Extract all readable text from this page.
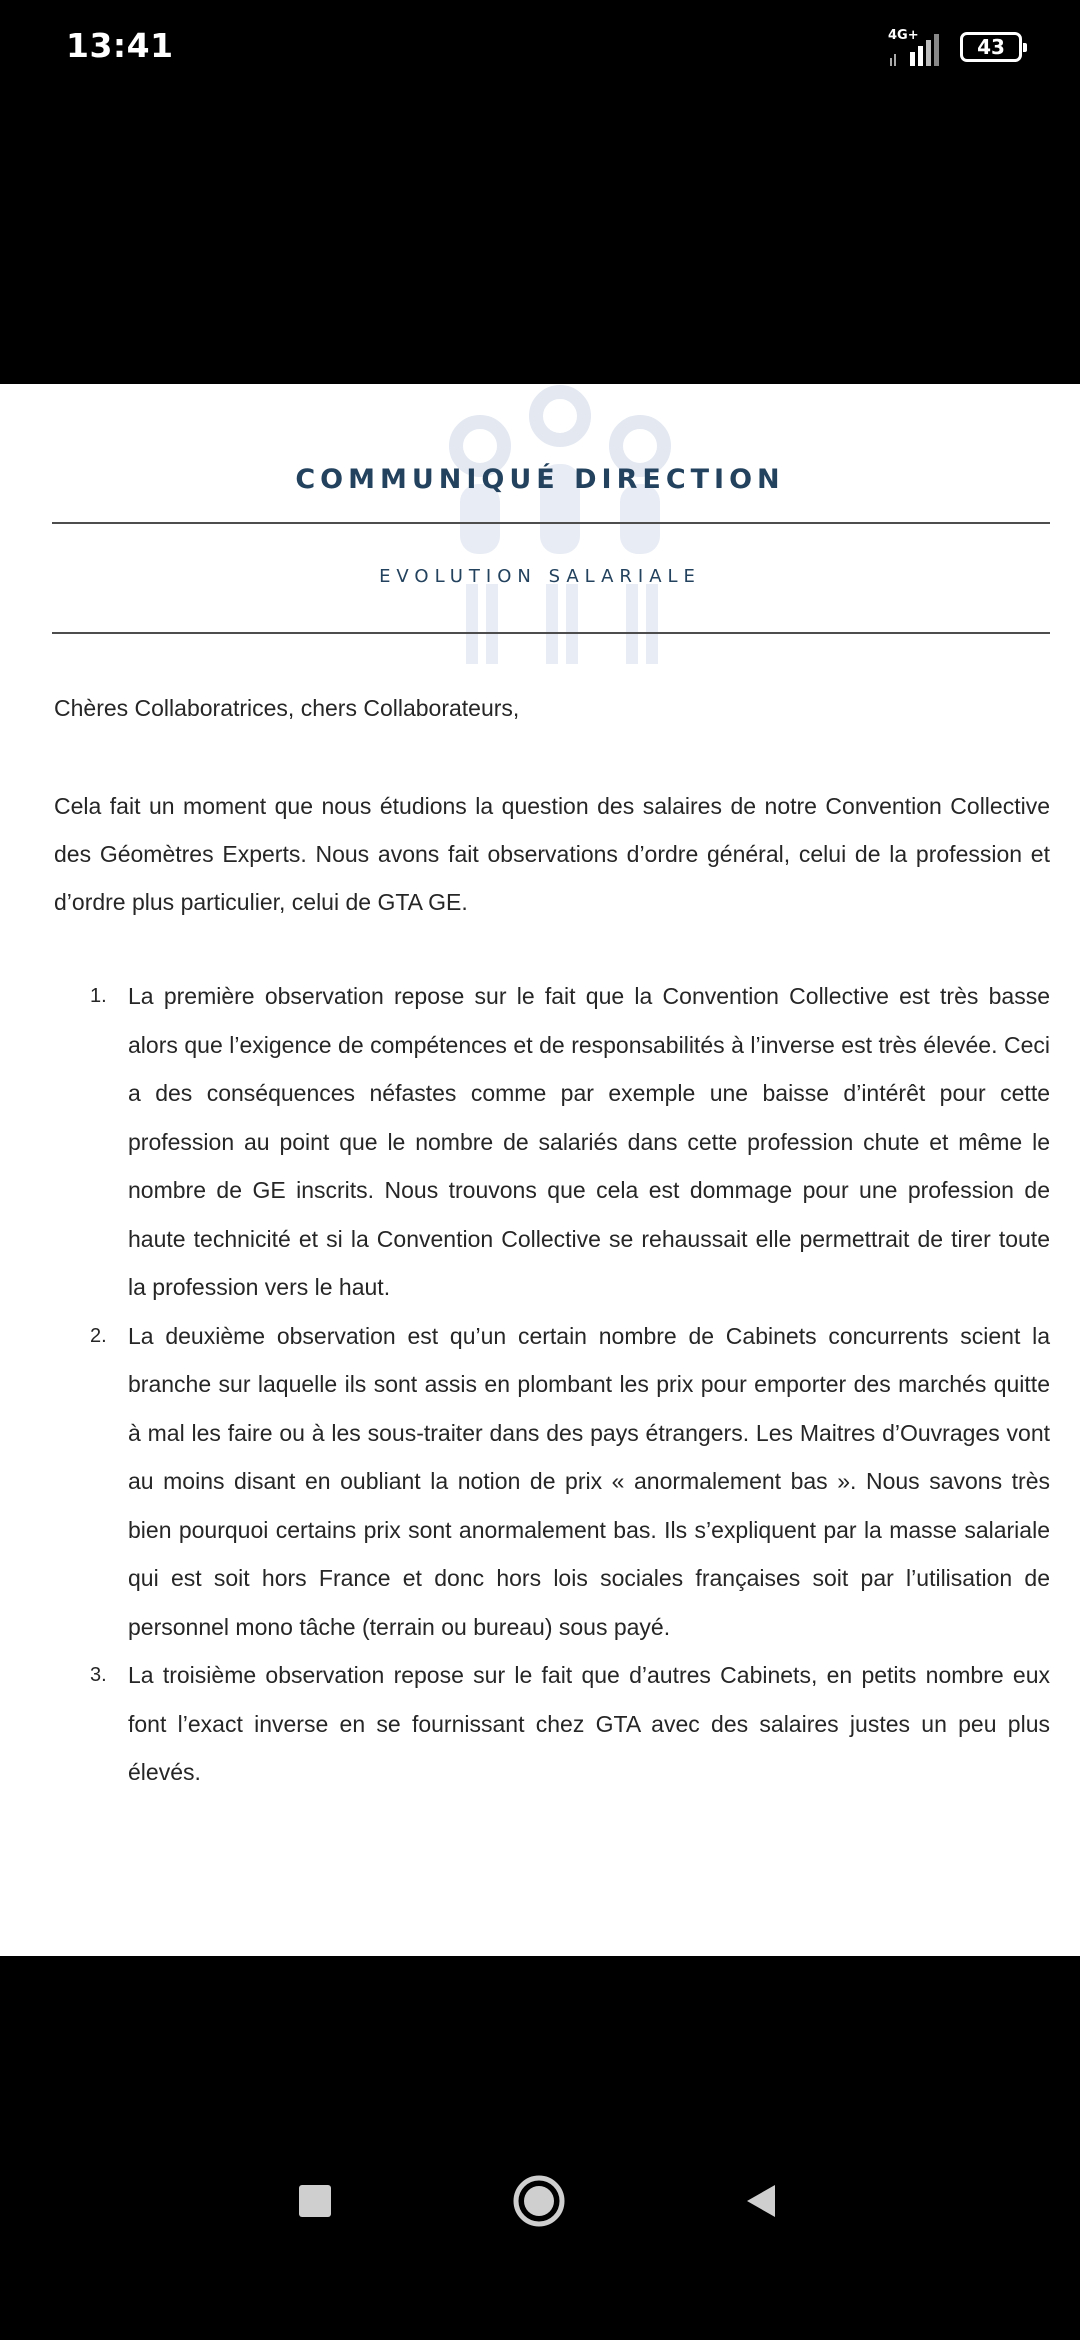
13:41	4G+	43
COMMUNIQUÉ DIRECTION
EVOLUTION SALARIALE
Chères Collaboratrices, chers Collaborateurs,
Cela fait un moment que nous étudions la question des salaires de notre Convention Collective des Géomètres Experts. Nous avons fait observations d’ordre général, celui de la profession et d’ordre plus particulier, celui de GTA GE.
1. La première observation repose sur le fait que la Convention Collective est très basse alors que l’exigence de compétences et de responsabilités à l’inverse est très élevée. Ceci a des conséquences néfastes comme par exemple une baisse d’intérêt pour cette profession au point que le nombre de salariés dans cette profession chute et même le nombre de GE inscrits. Nous trouvons que cela est dommage pour une profession de haute technicité et si la Convention Collective se rehaussait elle permettrait de tirer toute la profession vers le haut.
2. La deuxième observation est qu’un certain nombre de Cabinets concurrents scient la branche sur laquelle ils sont assis en plombant les prix pour emporter des marchés quitte à mal les faire ou à les sous-traiter dans des pays étrangers. Les Maitres d’Ouvrages vont au moins disant en oubliant la notion de prix « anormalement bas ». Nous savons très bien pourquoi certains prix sont anormalement bas. Ils s’expliquent par la masse salariale qui est soit hors France et donc hors lois sociales françaises soit par l’utilisation de personnel mono tâche (terrain ou bureau) sous payé.
3. La troisième observation repose sur le fait que d’autres Cabinets, en petits nombre eux font l’exact inverse en se fournissant chez GTA avec des salaires justes un peu plus élevés.
